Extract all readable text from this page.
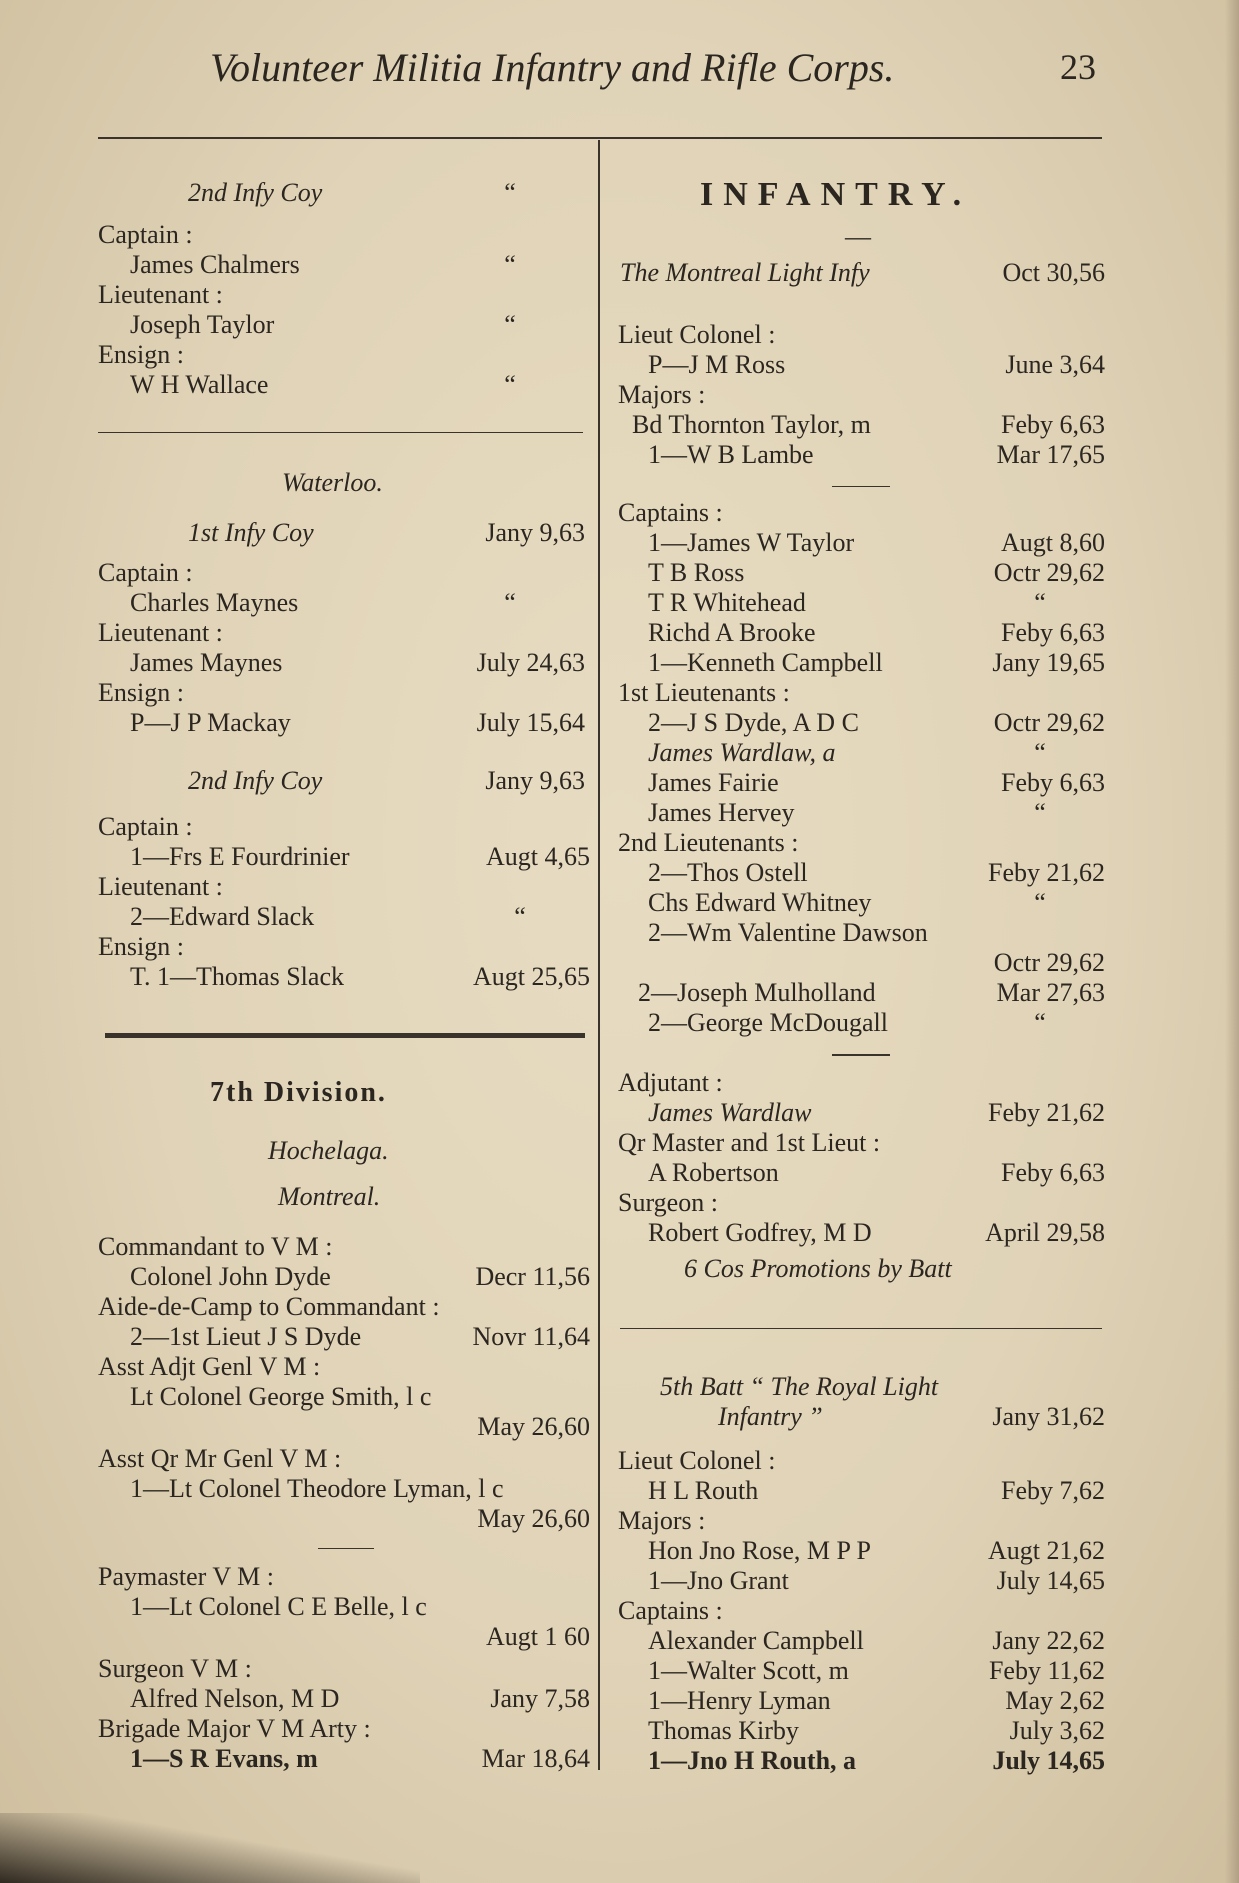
Volunteer Militia Infantry and Rifle Corps.	23
2nd Infy Coy	“
Captain :
James Chalmers	“
Lieutenant :
Joseph Taylor	“
Ensign :
W H Wallace	“
Waterloo.
1st Infy Coy	Jany 9,63
Captain :
Charles Maynes	“
Lieutenant :
James Maynes	July 24,63
Ensign :
P—J P Mackay	July 15,64
2nd Infy Coy	Jany 9,63
Captain :
1—Frs E Fourdrinier	Augt 4,65
Lieutenant :
2—Edward Slack	“
Ensign :
T. 1—Thomas Slack	Augt 25,65
7th Division.
Hochelaga.
Montreal.
Commandant to V M :
Colonel John Dyde	Decr 11,56
Aide-de-Camp to Commandant :
2—1st Lieut J S Dyde	Novr 11,64
Asst Adjt Genl V M :
Lt Colonel George Smith, l c
May 26,60
Asst Qr Mr Genl V M :
1—Lt Colonel Theodore Lyman, l c
May 26,60
Paymaster V M :
1—Lt Colonel C E Belle, l c
Augt 1 60
Surgeon V M :
Alfred Nelson, M D	Jany 7,58
Brigade Major V M Arty :
1—S R Evans, m	Mar 18,64
INFANTRY.
—
The Montreal Light Infy	Oct 30,56
Lieut Colonel :
P—J M Ross	June 3,64
Majors :
Bd Thornton Taylor, m	Feby 6,63
1—W B Lambe	Mar 17,65
Captains :
1—James W Taylor	Augt 8,60
T B Ross	Octr 29,62
T R Whitehead	“
Richd A Brooke	Feby 6,63
1—Kenneth Campbell	Jany 19,65
1st Lieutenants :
2—J S Dyde, A D C	Octr 29,62
James Wardlaw, a	“
James Fairie	Feby 6,63
James Hervey	“
2nd Lieutenants :
2—Thos Ostell	Feby 21,62
Chs Edward Whitney	“
2—Wm Valentine Dawson
Octr 29,62
2—Joseph Mulholland	Mar 27,63
2—George McDougall	“
Adjutant :
James Wardlaw	Feby 21,62
Qr Master and 1st Lieut :
A Robertson	Feby 6,63
Surgeon :
Robert Godfrey, M D	April 29,58
6 Cos Promotions by Batt
5th Batt “ The Royal Light
Infantry ”	Jany 31,62
Lieut Colonel :
H L Routh	Feby 7,62
Majors :
Hon Jno Rose, M P P	Augt 21,62
1—Jno Grant	July 14,65
Captains :
Alexander Campbell	Jany 22,62
1—Walter Scott, m	Feby 11,62
1—Henry Lyman	May 2,62
Thomas Kirby	July 3,62
1—Jno H Routh, a	July 14,65
